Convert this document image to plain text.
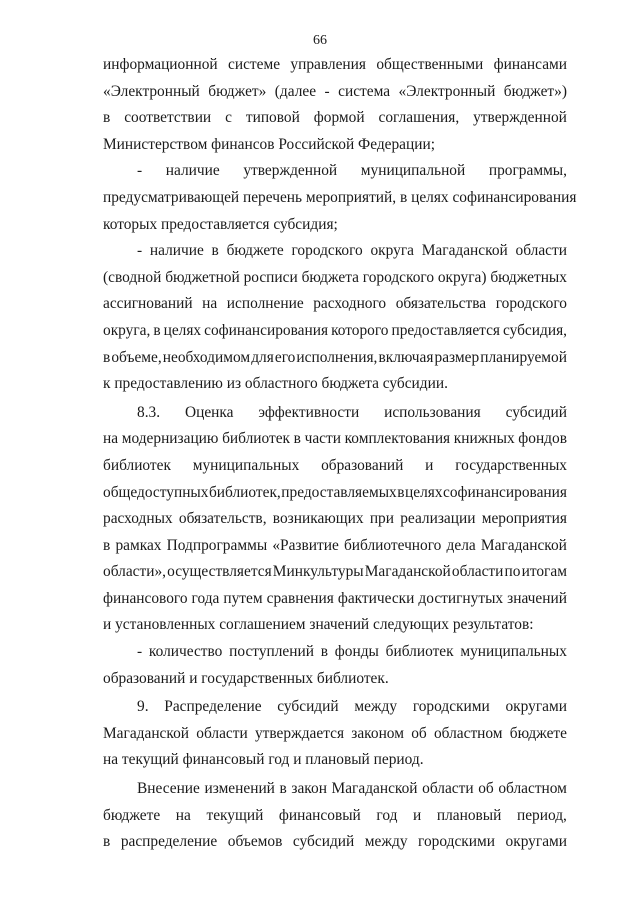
66
информационной системе управления общественными финансами
«Электронный бюджет» (далее - система «Электронный бюджет»)
в соответствии с типовой формой соглашения, утвержденной
Министерством финансов Российской Федерации;
- наличие утвержденной муниципальной программы,
предусматривающей перечень мероприятий, в целях софинансирования
которых предоставляется субсидия;
- наличие в бюджете городского округа Магаданской области
(сводной бюджетной росписи бюджета городского округа) бюджетных
ассигнований на исполнение расходного обязательства городского
округа, в целях софинансирования которого предоставляется субсидия,
в объеме, необходимом для его исполнения, включая размер планируемой
к предоставлению из областного бюджета субсидии.
8.3. Оценка эффективности использования субсидий
на модернизацию библиотек в части комплектования книжных фондов
библиотек муниципальных образований и государственных
общедоступных библиотек, предоставляемых в целях софинансирования
расходных обязательств, возникающих при реализации мероприятия
в рамках Подпрограммы «Развитие библиотечного дела Магаданской
области», осуществляется Минкультуры Магаданской области по итогам
финансового года путем сравнения фактически достигнутых значений
и установленных соглашением значений следующих результатов:
- количество поступлений в фонды библиотек муниципальных
образований и государственных библиотек.
9. Распределение субсидий между городскими округами
Магаданской области утверждается законом об областном бюджете
на текущий финансовый год и плановый период.
Внесение изменений в закон Магаданской области об областном
бюджете на текущий финансовый год и плановый период,
в распределение объемов субсидий между городскими округами
